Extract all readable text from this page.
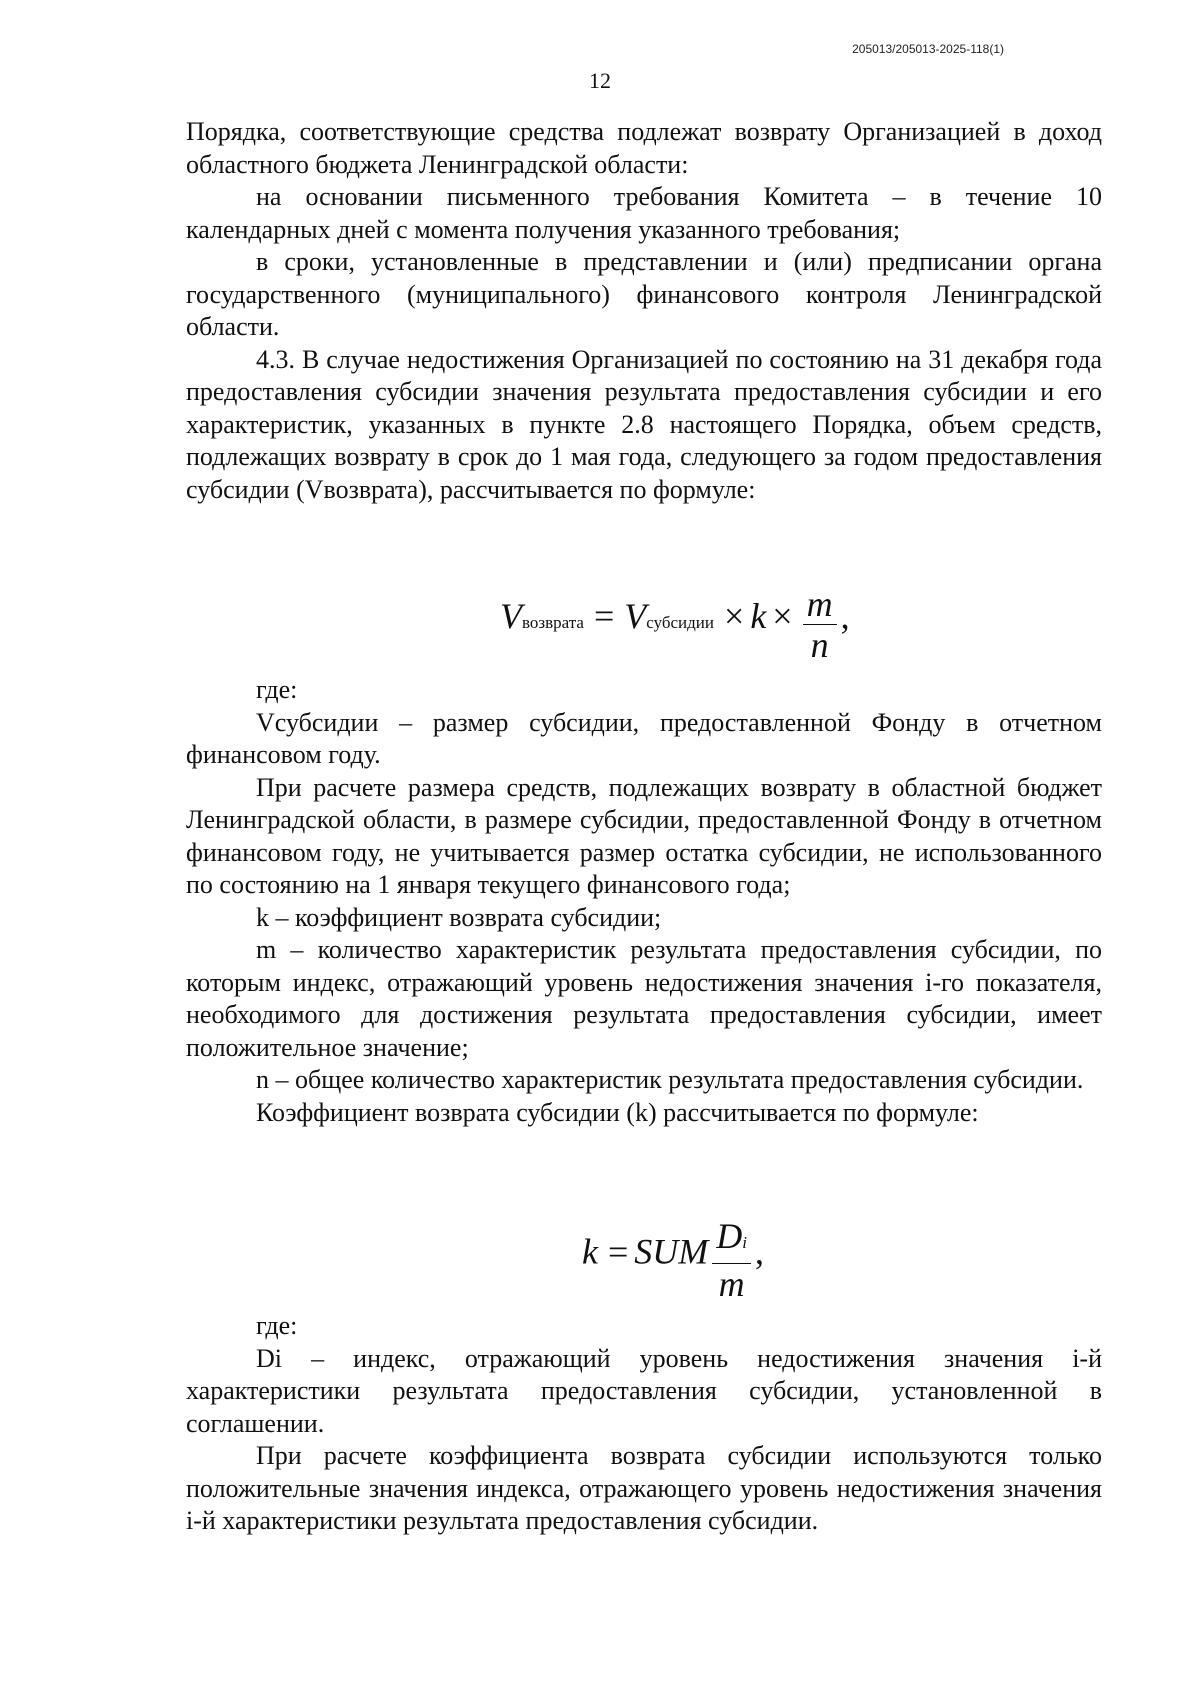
205013/205013-2025-118(1)
12

Порядка, соответствующие средства подлежат возврату Организацией в доход областного бюджета Ленинградской области:

на основании письменного требования Комитета – в течение 10 календарных дней с момента получения указанного требования;

в сроки, установленные в представлении и (или) предписании органа государственного (муниципального) финансового контроля Ленинградской области.

4.3. В случае недостижения Организацией по состоянию на 31 декабря года предоставления субсидии значения результата предоставления субсидии и его характеристик, указанных в пункте 2.8 настоящего Порядка, объем средств, подлежащих возврату в срок до 1 мая года, следующего за годом предоставления субсидии (Vвозврата), рассчитывается по формуле:

Vвозврата = Vсубсидии × $k \times \frac{m}{n}$ ,

где:

Vсубсидии – размер субсидии, предоставленной Фонду в отчетном финансовом году.

При расчете размера средств, подлежащих возврату в областной бюджет Ленинградской области, в размере субсидии, предоставленной Фонду в отчетном финансовом году, не учитывается размер остатка субсидии, не использованного по состоянию на 1 января текущего финансового года;

k – коэффициент возврата субсидии;

m – количество характеристик результата предоставления субсидии, по которым индекс, отражающий уровень недостижения значения i-го показателя, необходимого для достижения результата предоставления субсидии, имеет положительное значение;

n – общее количество характеристик результата предоставления субсидии.

Коэффициент возврата субсидии (k) рассчитывается по формуле:

k = SUM $\frac{Di}{m}$ ,

где:

Di – индекс, отражающий уровень недостижения значения i-й характеристики результата предоставления субсидии, установленной в соглашении.

При расчете коэффициента возврата субсидии используются только положительные значения индекса, отражающего уровень недостижения значения i-й характеристики результата предоставления субсидии.
